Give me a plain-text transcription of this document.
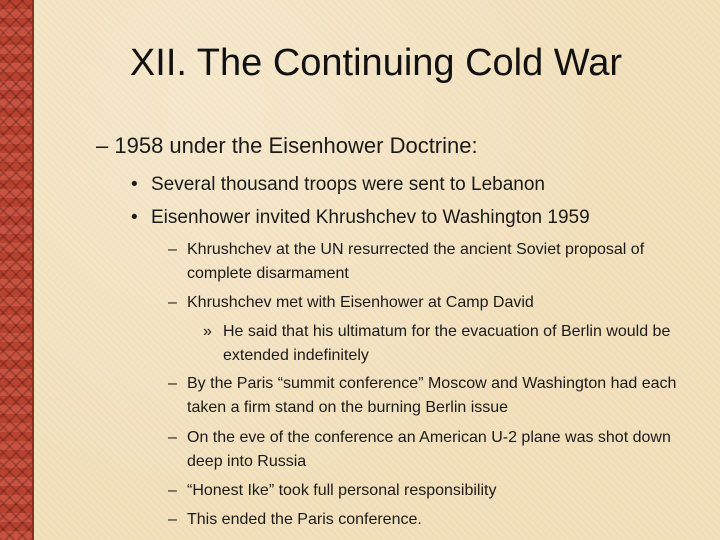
XII. The Continuing Cold War
– 1958 under the Eisenhower Doctrine:
• Several thousand troops were sent to Lebanon
• Eisenhower invited Khrushchev to Washington 1959
– Khrushchev at the UN resurrected the ancient Soviet proposal of complete disarmament
– Khrushchev met with Eisenhower at Camp David
» He said that his ultimatum for the evacuation of Berlin would be extended indefinitely
– By the Paris “summit conference” Moscow and Washington had each taken a firm stand on the burning Berlin issue
– On the eve of the conference an American U-2 plane was shot down deep into Russia
– “Honest Ike” took full personal responsibility
– This ended the Paris conference.
